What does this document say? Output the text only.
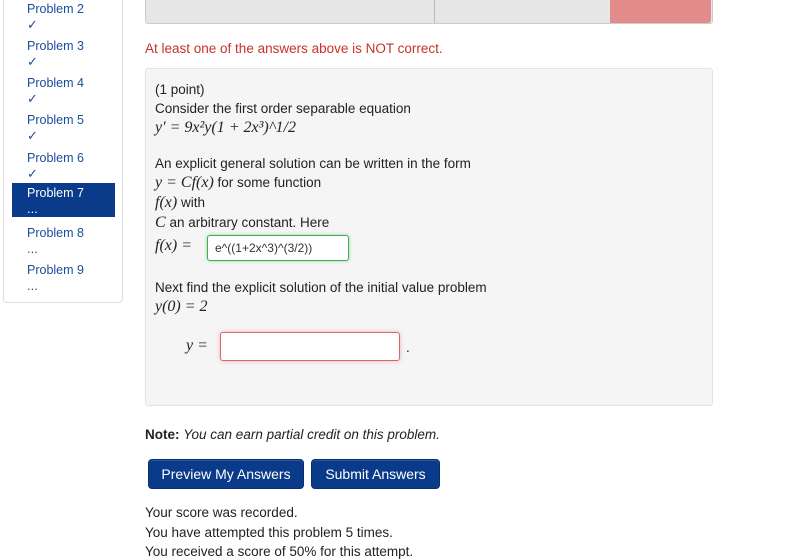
Problem 2
✓
Problem 3
✓
Problem 4
✓
Problem 5
✓
Problem 6
✓
Problem 7
...
Problem 8
...
Problem 9
...
At least one of the answers above is NOT correct.
(1 point)
Consider the first order separable equation
y′ = 9x²y(1 + 2x³)^1/2
An explicit general solution can be written in the form
y = Cf(x) for some function
f(x) with
C an arbitrary constant. Here
f(x) =	e^((1+2x^3)^(3/2))
Next find the explicit solution of the initial value problem
y(0) = 2
y =	.
Note: You can earn partial credit on this problem.
Preview My Answers	Submit Answers
Your score was recorded.
You have attempted this problem 5 times.
You received a score of 50% for this attempt.
